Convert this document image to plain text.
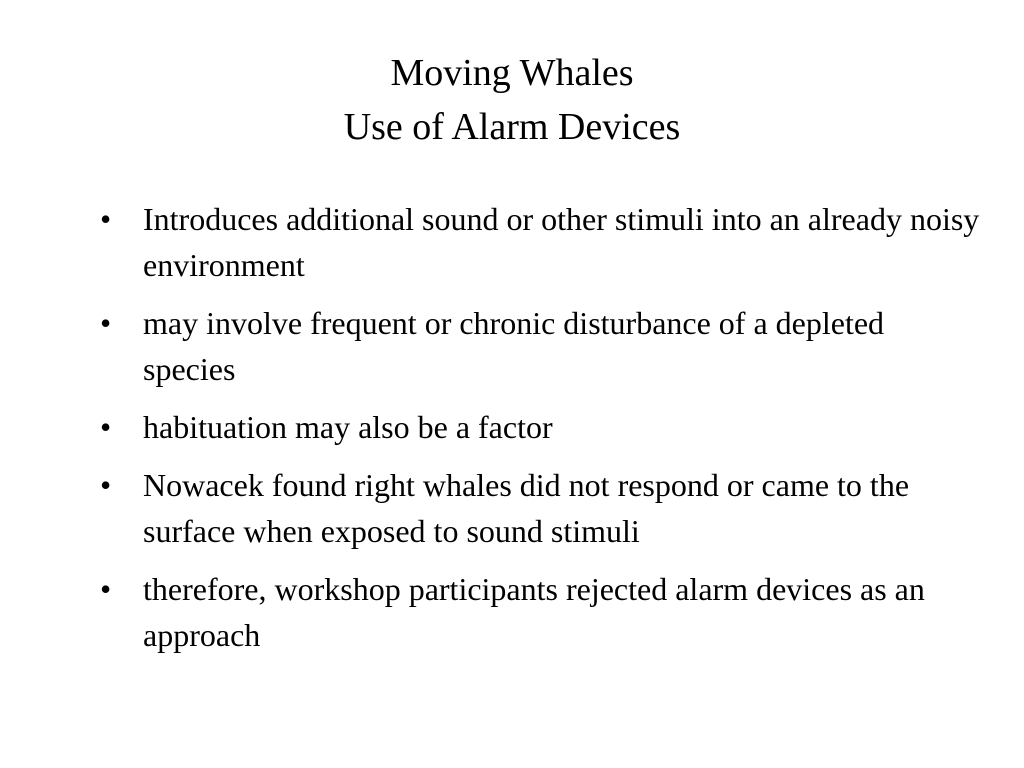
Moving Whales
Use of Alarm Devices
• Introduces additional sound or other stimuli into an already noisy environment
• may involve frequent or chronic disturbance of a depleted species
• habituation may also be a factor
• Nowacek found right whales did not respond or came to the surface when exposed to sound stimuli
• therefore, workshop participants rejected alarm devices as an approach
